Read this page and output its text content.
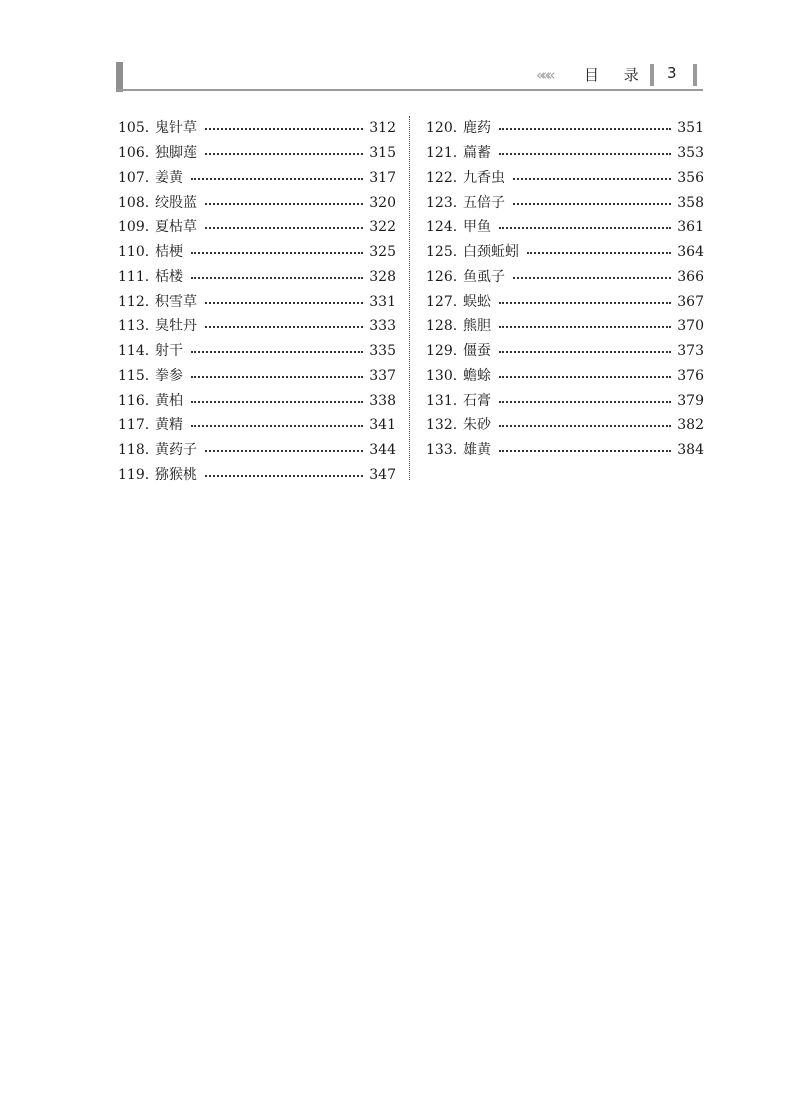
««« 目 录 3
105. 鬼针草	312
106. 独脚莲	315
107. 姜黄	317
108. 绞股蓝	320
109. 夏枯草	322
110. 桔梗	325
111. 栝楼	328
112. 积雪草	331
113. 臭牡丹	333
114. 射干	335
115. 拳参	337
116. 黄柏	338
117. 黄精	341
118. 黄药子	344
119. 猕猴桃	347
120. 鹿药	351
121. 萹蓄	353
122. 九香虫	356
123. 五倍子	358
124. 甲鱼	361
125. 白颈蚯蚓	364
126. 鱼虱子	366
127. 蜈蚣	367
128. 熊胆	370
129. 僵蚕	373
130. 蟾蜍	376
131. 石膏	379
132. 朱砂	382
133. 雄黄	384
